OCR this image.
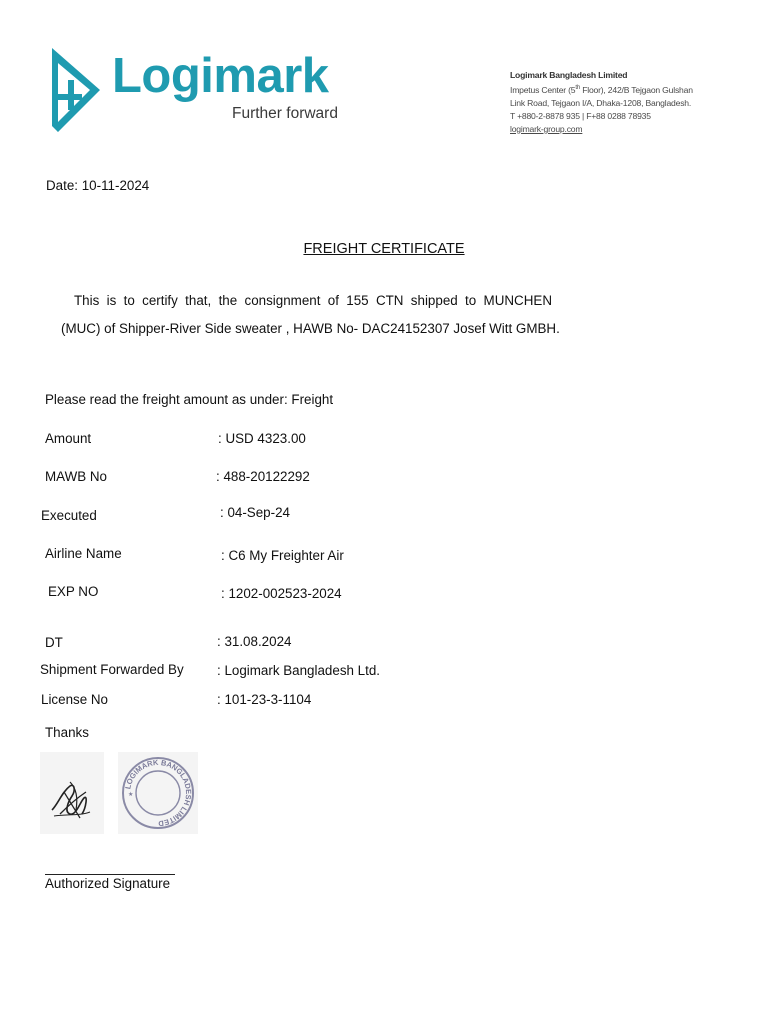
Logimark
Further forward
Logimark Bangladesh Limited
Impetus Center (5th Floor), 242/B Tejgaon Gulshan
Link Road, Tejgaon I/A, Dhaka-1208, Bangladesh.
T +880-2-8878 935 | F+88 0288 78935
logimark-group.com
Date: 10-11-2024
FREIGHT CERTIFICATE
This is to certify that, the consignment of 155 CTN shipped to MUNCHEN
(MUC) of Shipper-River Side sweater , HAWB No- DAC24152307 Josef Witt GMBH.
Please read the freight amount as under: Freight
Amount	: USD 4323.00
MAWB No	: 488-20122292
Executed	: 04-Sep-24
Airline Name	: C6 My Freighter Air
EXP NO	: 1202-002523-2024
DT	: 31.08.2024
Shipment Forwarded By : Logimark Bangladesh Ltd.
License No	: 101-23-3-1104
Thanks
LOGIMARK BANGLADESH LIMITED
★
Authorized Signature
